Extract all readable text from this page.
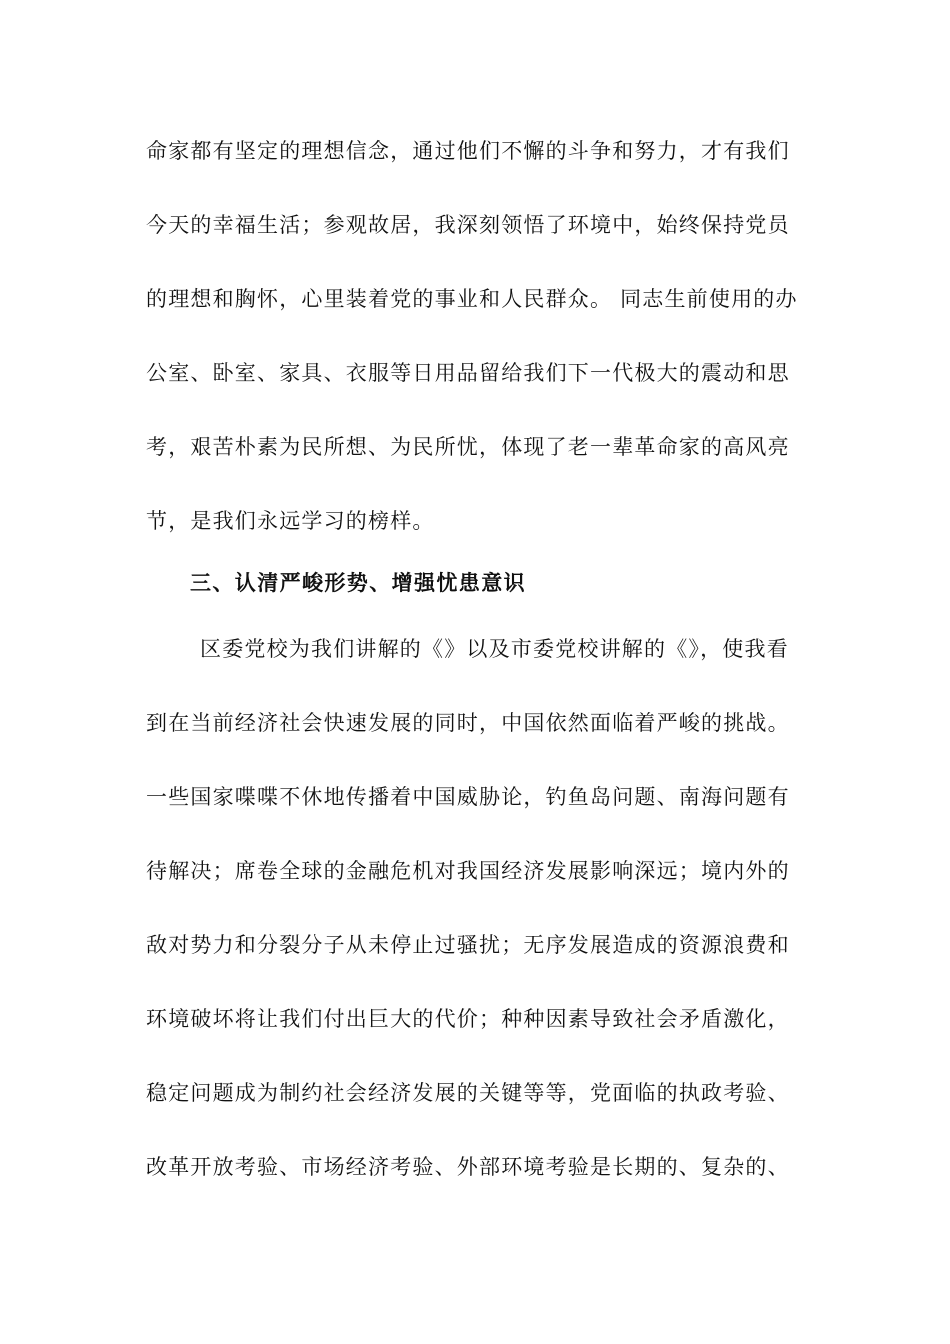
命家都有坚定的理想信念，通过他们不懈的斗争和努力，才有我们
今天的幸福生活；参观故居，我深刻领悟了环境中，始终保持党员
的理想和胸怀，心里装着党的事业和人民群众。 同志生前使用的办
公室、卧室、家具、衣服等日用品留给我们下一代极大的震动和思
考，艰苦朴素为民所想、为民所忧，体现了老一辈革命家的高风亮
节，是我们永远学习的榜样。
三、认清严峻形势、增强忧患意识
区委党校为我们讲解的《》以及市委党校讲解的《》，使我看
到在当前经济社会快速发展的同时，中国依然面临着严峻的挑战。
一些国家喋喋不休地传播着中国威胁论，钓鱼岛问题、南海问题有
待解决；席卷全球的金融危机对我国经济发展影响深远；境内外的
敌对势力和分裂分子从未停止过骚扰；无序发展造成的资源浪费和
环境破坏将让我们付出巨大的代价；种种因素导致社会矛盾激化，
稳定问题成为制约社会经济发展的关键等等，党面临的执政考验、
改革开放考验、市场经济考验、外部环境考验是长期的、复杂的、
